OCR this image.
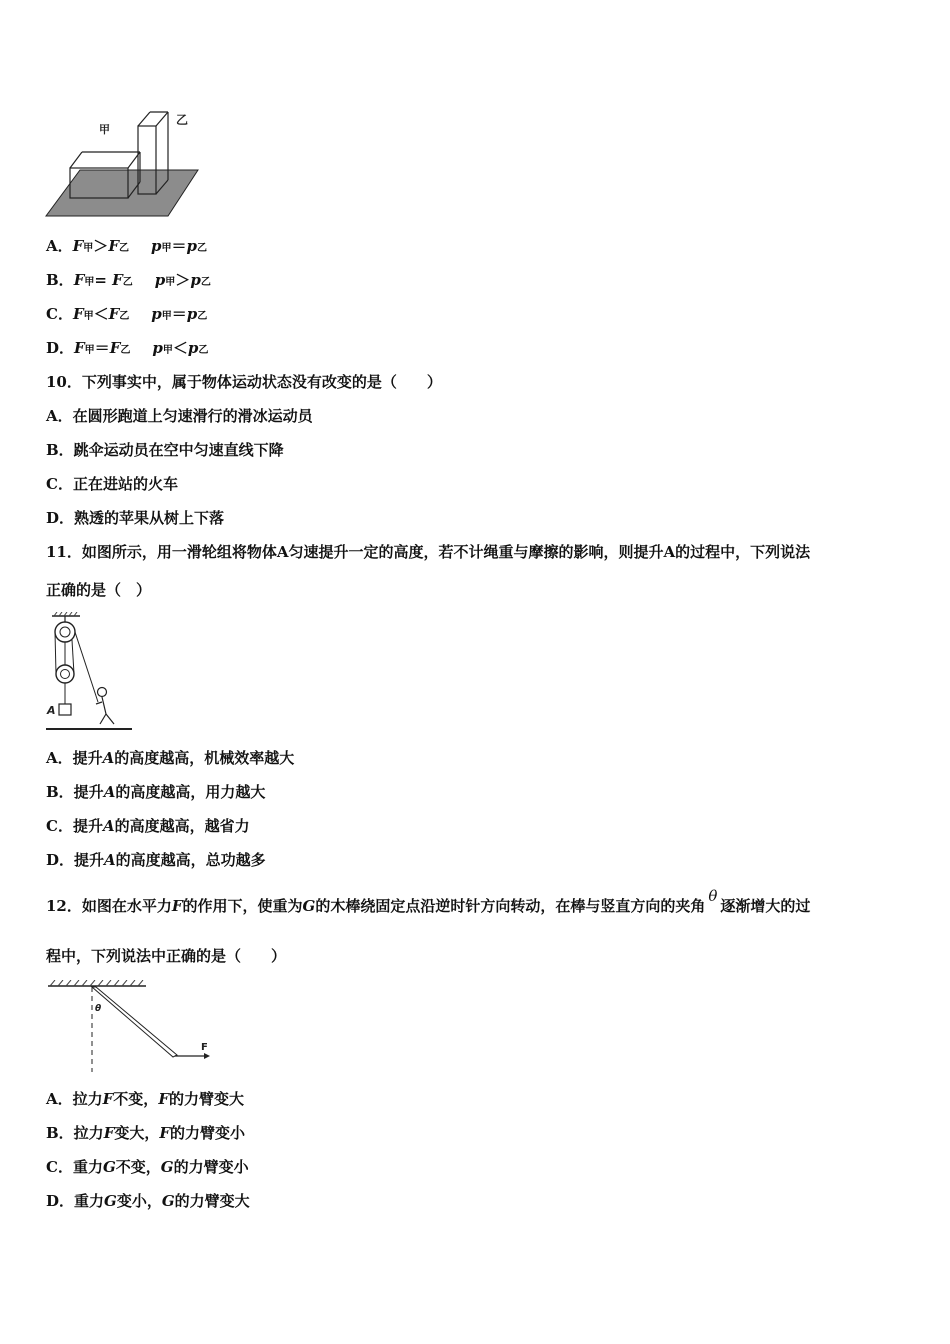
甲
乙
A．F甲＞F乙 p甲＝p乙
B．F甲= F乙 p甲＞p乙
C．F甲＜F乙 p甲＝p乙
D．F甲＝F乙 p甲＜p乙
10．下列事实中，属于物体运动状态没有改变的是（　　）
A．在圆形跑道上匀速滑行的滑冰运动员
B．跳伞运动员在空中匀速直线下降
C．正在进站的火车
D．熟透的苹果从树上下落
11．如图所示，用一滑轮组将物体A匀速提升一定的高度，若不计绳重与摩擦的影响，则提升A的过程中，下列说法
正确的是（　）
A
A．提升A的高度越高，机械效率越大
B．提升A的高度越高，用力越大
C．提升A的高度越高，越省力
D．提升A的高度越高，总功越多
12．如图在水平力F的作用下，使重为G的木棒绕固定点沿逆时针方向转动，在棒与竖直方向的夹角θ逐渐增大的过
程中，下列说法中正确的是（　　）
θ
F
A．拉力F不变，F的力臂变大
B．拉力F变大，F的力臂变小
C．重力G不变，G的力臂变小
D．重力G变小，G的力臂变大
